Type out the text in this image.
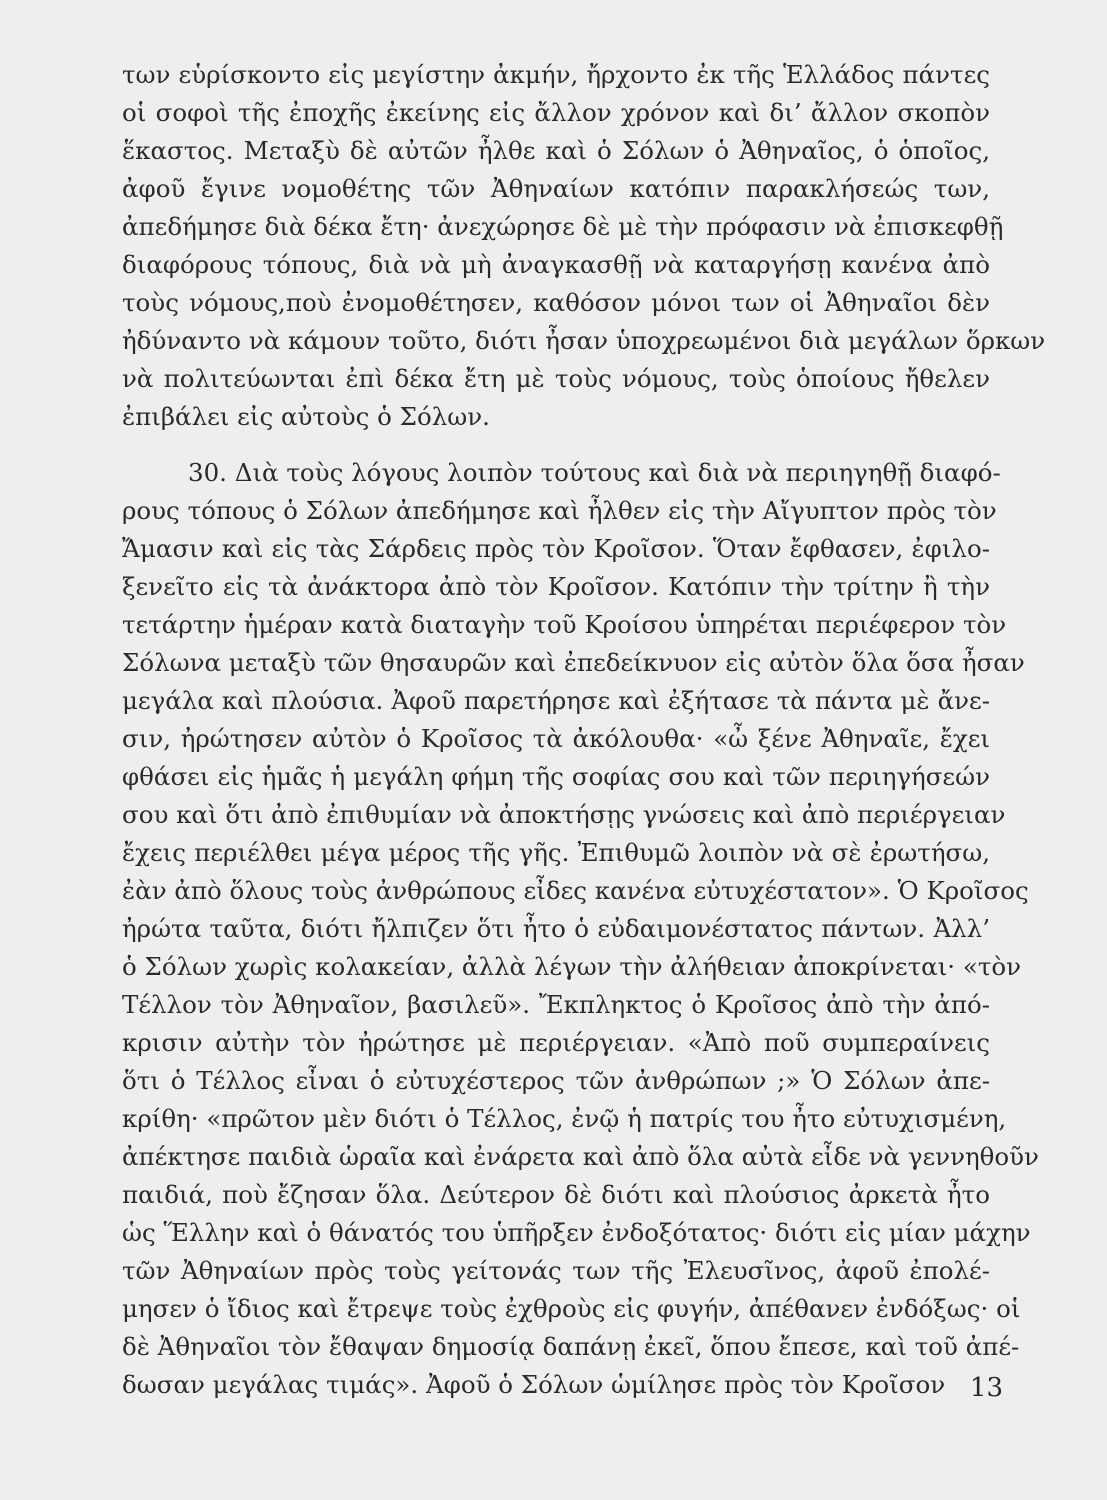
των εὑρίσκοντο εἰς μεγίστην ἀκμήν, ἤρχοντο ἐκ τῆς Ἑλλάδος πάντες
οἱ σοφοὶ τῆς ἐποχῆς ἐκείνης εἰς ἄλλον χρόνον καὶ δι’ ἄλλον σκοπὸν
ἕκαστος. Μεταξὺ δὲ αὐτῶν ἦλθε καὶ ὁ Σόλων ὁ Ἀθηναῖος, ὁ ὁποῖος,
ἀφοῦ ἔγινε νομοθέτης τῶν Ἀθηναίων κατόπιν παρακλήσεώς των,
ἀπεδήμησε διὰ δέκα ἔτη· ἀνεχώρησε δὲ μὲ τὴν πρόφασιν νὰ ἐπισκεφθῇ
διαφόρους τόπους, διὰ νὰ μὴ ἀναγκασθῇ νὰ καταργήσῃ κανένα ἀπὸ
τοὺς νόμους,ποὺ ἐνομοθέτησεν, καθόσον μόνοι των οἱ Ἀθηναῖοι δὲν
ἠδύναντο νὰ κάμουν τοῦτο, διότι ἦσαν ὑποχρεωμένοι διὰ μεγάλων ὅρκων
νὰ πολιτεύωνται ἐπὶ δέκα ἔτη μὲ τοὺς νόμους, τοὺς ὁποίους ἤθελεν
ἐπιβάλει εἰς αὐτοὺς ὁ Σόλων.
30. Διὰ τοὺς λόγους λοιπὸν τούτους καὶ διὰ νὰ περιηγηθῇ διαφό-
ρους τόπους ὁ Σόλων ἀπεδήμησε καὶ ἦλθεν εἰς τὴν Αἴγυπτον πρὸς τὸν
Ἄμασιν καὶ εἰς τὰς Σάρδεις πρὸς τὸν Κροῖσον. Ὅταν ἔφθασεν, ἐφιλο-
ξενεῖτο εἰς τὰ ἀνάκτορα ἀπὸ τὸν Κροῖσον. Κατόπιν τὴν τρίτην ἢ τὴν
τετάρτην ἡμέραν κατὰ διαταγὴν τοῦ Κροίσου ὑπηρέται περιέφερον τὸν
Σόλωνα μεταξὺ τῶν θησαυρῶν καὶ ἐπεδείκνυον εἰς αὐτὸν ὅλα ὅσα ἦσαν
μεγάλα καὶ πλούσια. Ἀφοῦ παρετήρησε καὶ ἐξήτασε τὰ πάντα μὲ ἄνε-
σιν, ἠρώτησεν αὐτὸν ὁ Κροῖσος τὰ ἀκόλουθα· «ὦ ξένε Ἀθηναῖε, ἔχει
φθάσει εἰς ἡμᾶς ἡ μεγάλη φήμη τῆς σοφίας σου καὶ τῶν περιηγήσεών
σου καὶ ὅτι ἀπὸ ἐπιθυμίαν νὰ ἀποκτήσῃς γνώσεις καὶ ἀπὸ περιέργειαν
ἔχεις περιέλθει μέγα μέρος τῆς γῆς. Ἐπιθυμῶ λοιπὸν νὰ σὲ ἐρωτήσω,
ἐὰν ἀπὸ ὅλους τοὺς ἀνθρώπους εἶδες κανένα εὐτυχέστατον». Ὁ Κροῖσος
ἠρώτα ταῦτα, διότι ἤλπιζεν ὅτι ἦτο ὁ εὐδαιμονέστατος πάντων. Ἀλλ’
ὁ Σόλων χωρὶς κολακείαν, ἀλλὰ λέγων τὴν ἀλήθειαν ἀποκρίνεται· «τὸν
Τέλλον τὸν Ἀθηναῖον, βασιλεῦ». Ἔκπληκτος ὁ Κροῖσος ἀπὸ τὴν ἀπό-
κρισιν αὐτὴν τὸν ἠρώτησε μὲ περιέργειαν. «Ἀπὸ ποῦ συμπεραίνεις
ὅτι ὁ Τέλλος εἶναι ὁ εὐτυχέστερος τῶν ἀνθρώπων ;» Ὁ Σόλων ἀπε-
κρίθη· «πρῶτον μὲν διότι ὁ Τέλλος, ἐνῷ ἡ πατρίς του ἦτο εὐτυχισμένη,
ἀπέκτησε παιδιὰ ὡραῖα καὶ ἐνάρετα καὶ ἀπὸ ὅλα αὐτὰ εἶδε νὰ γεννηθοῦν
παιδιά, ποὺ ἔζησαν ὅλα. Δεύτερον δὲ διότι καὶ πλούσιος ἀρκετὰ ἦτο
ὡς Ἕλλην καὶ ὁ θάνατός του ὑπῆρξεν ἐνδοξότατος· διότι εἰς μίαν μάχην
τῶν Ἀθηναίων πρὸς τοὺς γείτονάς των τῆς Ἐλευσῖνος, ἀφοῦ ἐπολέ-
μησεν ὁ ἴδιος καὶ ἔτρεψε τοὺς ἐχθροὺς εἰς φυγήν, ἀπέθανεν ἐνδόξως· οἱ
δὲ Ἀθηναῖοι τὸν ἔθαψαν δημοσίᾳ δαπάνῃ ἐκεῖ, ὅπου ἔπεσε, καὶ τοῦ ἀπέ-
δωσαν μεγάλας τιμάς». Ἀφοῦ ὁ Σόλων ὡμίλησε πρὸς τὸν Κροῖσον 13
